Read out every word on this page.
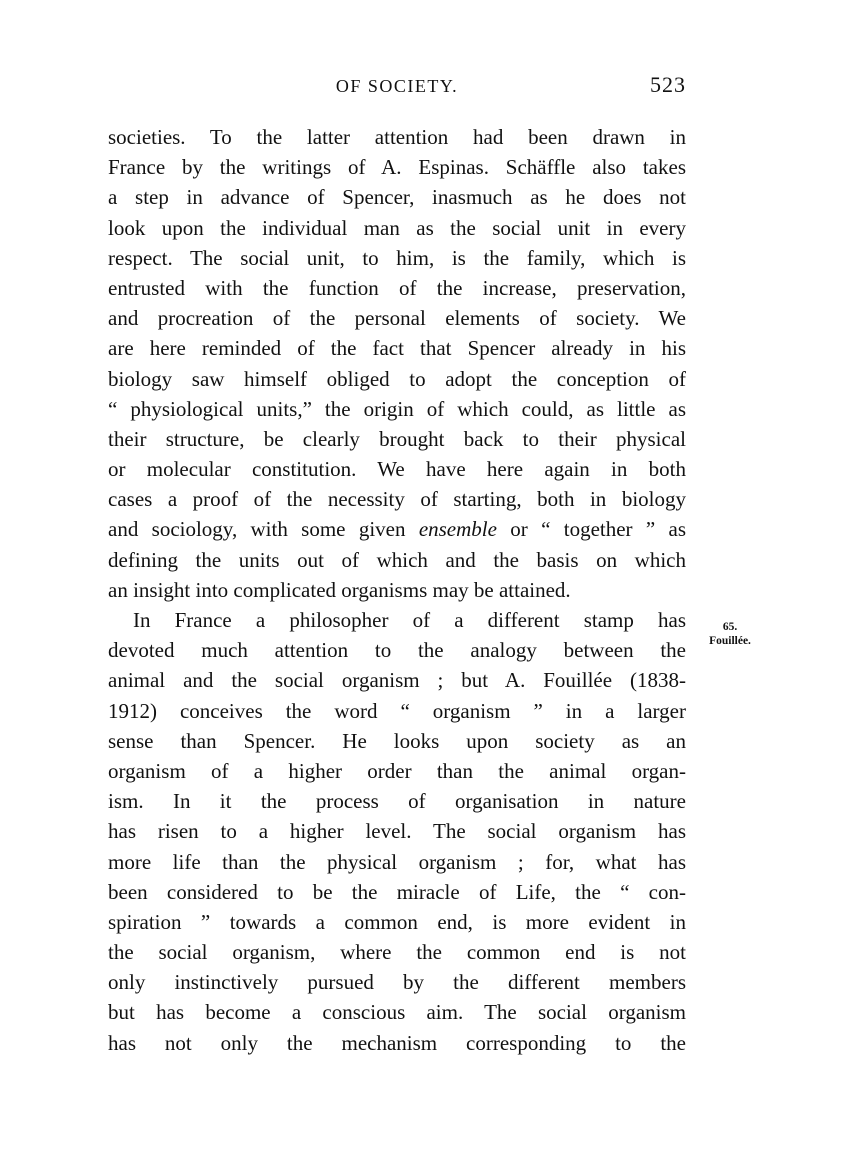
OF SOCIETY.	523
societies. To the latter attention had been drawn in
France by the writings of A. Espinas. Schäffle also takes
a step in advance of Spencer, inasmuch as he does not
look upon the individual man as the social unit in every
respect. The social unit, to him, is the family, which is
entrusted with the function of the increase, preservation,
and procreation of the personal elements of society. We
are here reminded of the fact that Spencer already in his
biology saw himself obliged to adopt the conception of
“ physiological units,” the origin of which could, as little as
their structure, be clearly brought back to their physical
or molecular constitution. We have here again in both
cases a proof of the necessity of starting, both in biology
and sociology, with some given ensemble or “ together ” as
defining the units out of which and the basis on which
an insight into complicated organisms may be attained.
In France a philosopher of a different stamp has
devoted much attention to the analogy between the
animal and the social organism ; but A. Fouillée (1838-
1912) conceives the word “ organism ” in a larger
sense than Spencer. He looks upon society as an
organism of a higher order than the animal organ-
ism. In it the process of organisation in nature
has risen to a higher level. The social organism has
more life than the physical organism ; for, what has
been considered to be the miracle of Life, the “ con-
spiration ” towards a common end, is more evident in
the social organism, where the common end is not
only instinctively pursued by the different members
but has become a conscious aim. The social organism
has not only the mechanism corresponding to the
65.
Fouillée.
